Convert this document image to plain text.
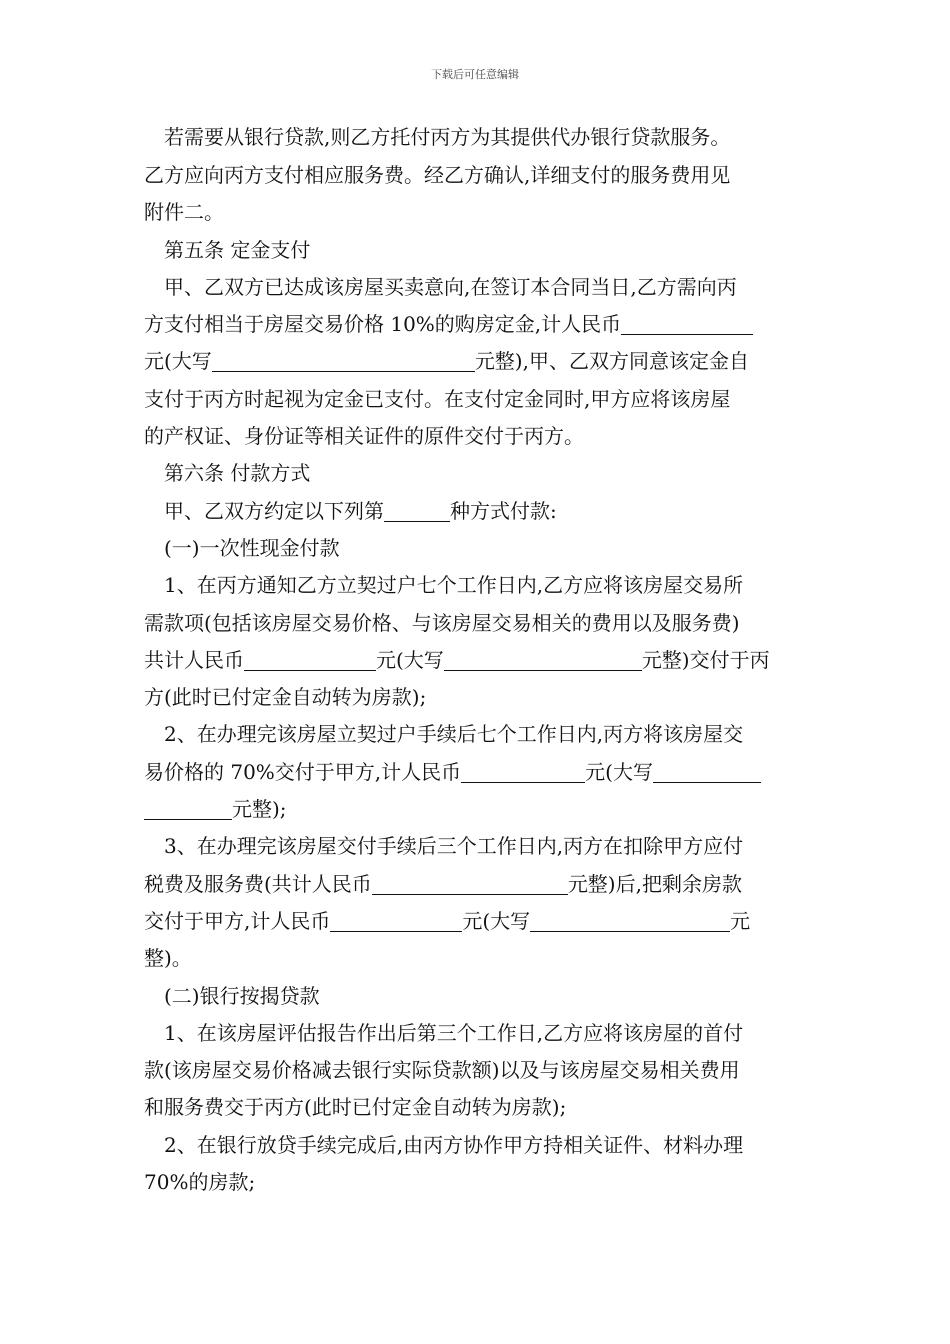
下载后可任意编辑
若需要从银行贷款,则乙方托付丙方为其提供代办银行贷款服务。
乙方应向丙方支付相应服务费。经乙方确认,详细支付的服务费用见
附件二。
第五条 定金支付
甲、乙双方已达成该房屋买卖意向,在签订本合同当日,乙方需向丙
方支付相当于房屋交易价格 10%的购房定金,计人民币
元(大写	元整),甲、乙双方同意该定金自
支付于丙方时起视为定金已支付。在支付定金同时,甲方应将该房屋
的产权证、身份证等相关证件的原件交付于丙方。
第六条 付款方式
甲、乙双方约定以下列第	种方式付款:
(一)一次性现金付款
1、在丙方通知乙方立契过户七个工作日内,乙方应将该房屋交易所
需款项(包括该房屋交易价格、与该房屋交易相关的费用以及服务费)
共计人民币	元(大写	元整)交付于丙
方(此时已付定金自动转为房款);
2、在办理完该房屋立契过户手续后七个工作日内,丙方将该房屋交
易价格的 70%交付于甲方,计人民币	元(大写
元整);
3、在办理完该房屋交付手续后三个工作日内,丙方在扣除甲方应付
税费及服务费(共计人民币	元整)后,把剩余房款
交付于甲方,计人民币	元(大写	元
整)。
(二)银行按揭贷款
1、在该房屋评估报告作出后第三个工作日,乙方应将该房屋的首付
款(该房屋交易价格减去银行实际贷款额)以及与该房屋交易相关费用
和服务费交于丙方(此时已付定金自动转为房款);
2、在银行放贷手续完成后,由丙方协作甲方持相关证件、材料办理
70%的房款;
